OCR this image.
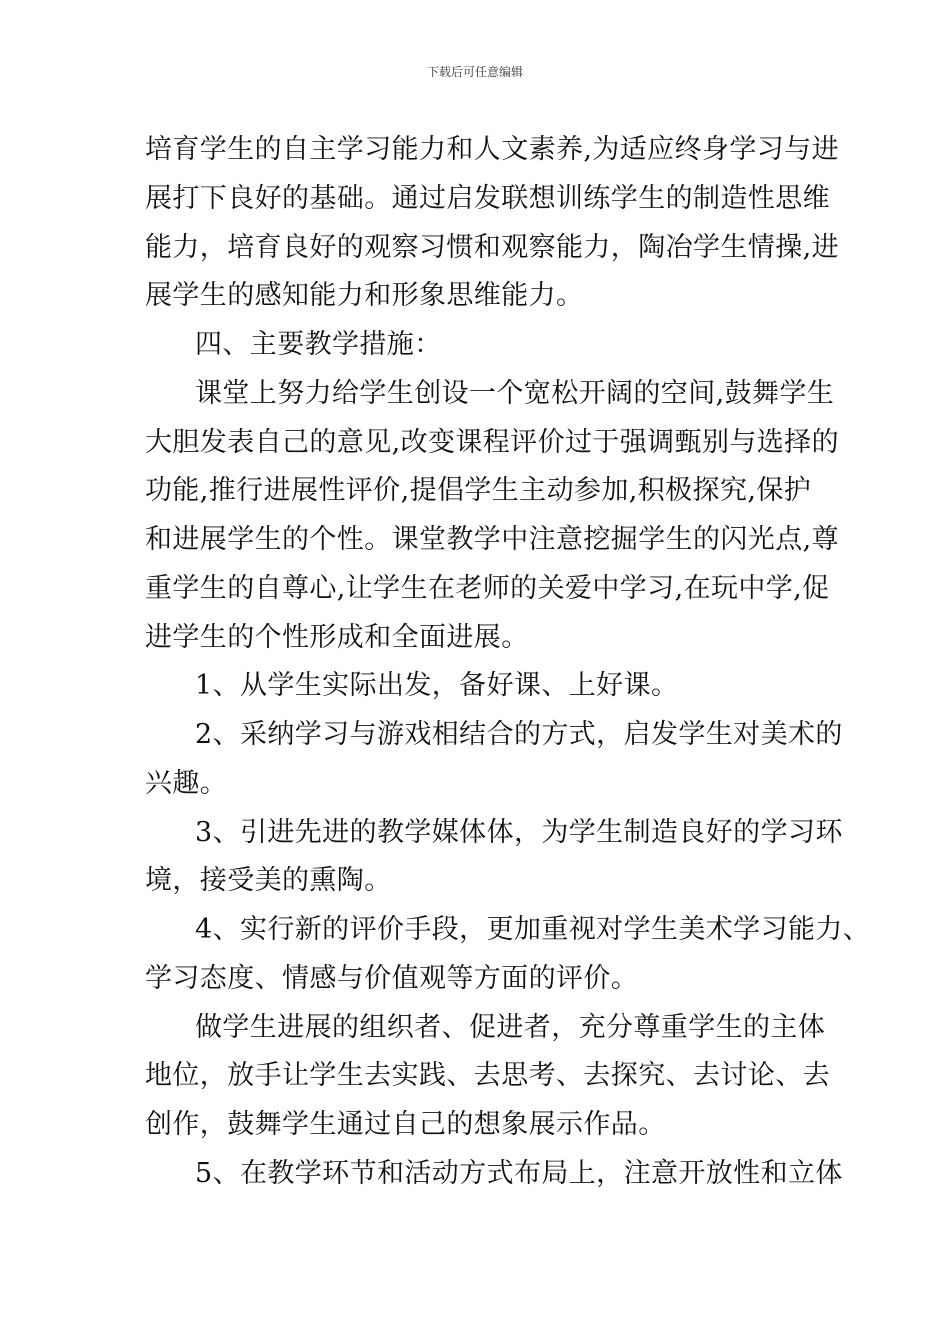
下载后可任意编辑
培育学生的自主学习能力和人文素养,为适应终身学习与进
展打下良好的基础。通过启发联想训练学生的制造性思维
能力，培育良好的观察习惯和观察能力，陶冶学生情操,进
展学生的感知能力和形象思维能力。
四、主要教学措施：
课堂上努力给学生创设一个宽松开阔的空间,鼓舞学生
大胆发表自己的意见,改变课程评价过于强调甄别与选择的
功能,推行进展性评价,提倡学生主动参加,积极探究,保护
和进展学生的个性。课堂教学中注意挖掘学生的闪光点,尊
重学生的自尊心,让学生在老师的关爱中学习,在玩中学,促
进学生的个性形成和全面进展。
1、从学生实际出发，备好课、上好课。
2、采纳学习与游戏相结合的方式，启发学生对美术的
兴趣。
3、引进先进的教学媒体体，为学生制造良好的学习环
境，接受美的熏陶。
4、实行新的评价手段，更加重视对学生美术学习能力、
学习态度、情感与价值观等方面的评价。
做学生进展的组织者、促进者，充分尊重学生的主体
地位，放手让学生去实践、去思考、去探究、去讨论、去
创作，鼓舞学生通过自己的想象展示作品。
5、在教学环节和活动方式布局上，注意开放性和立体
